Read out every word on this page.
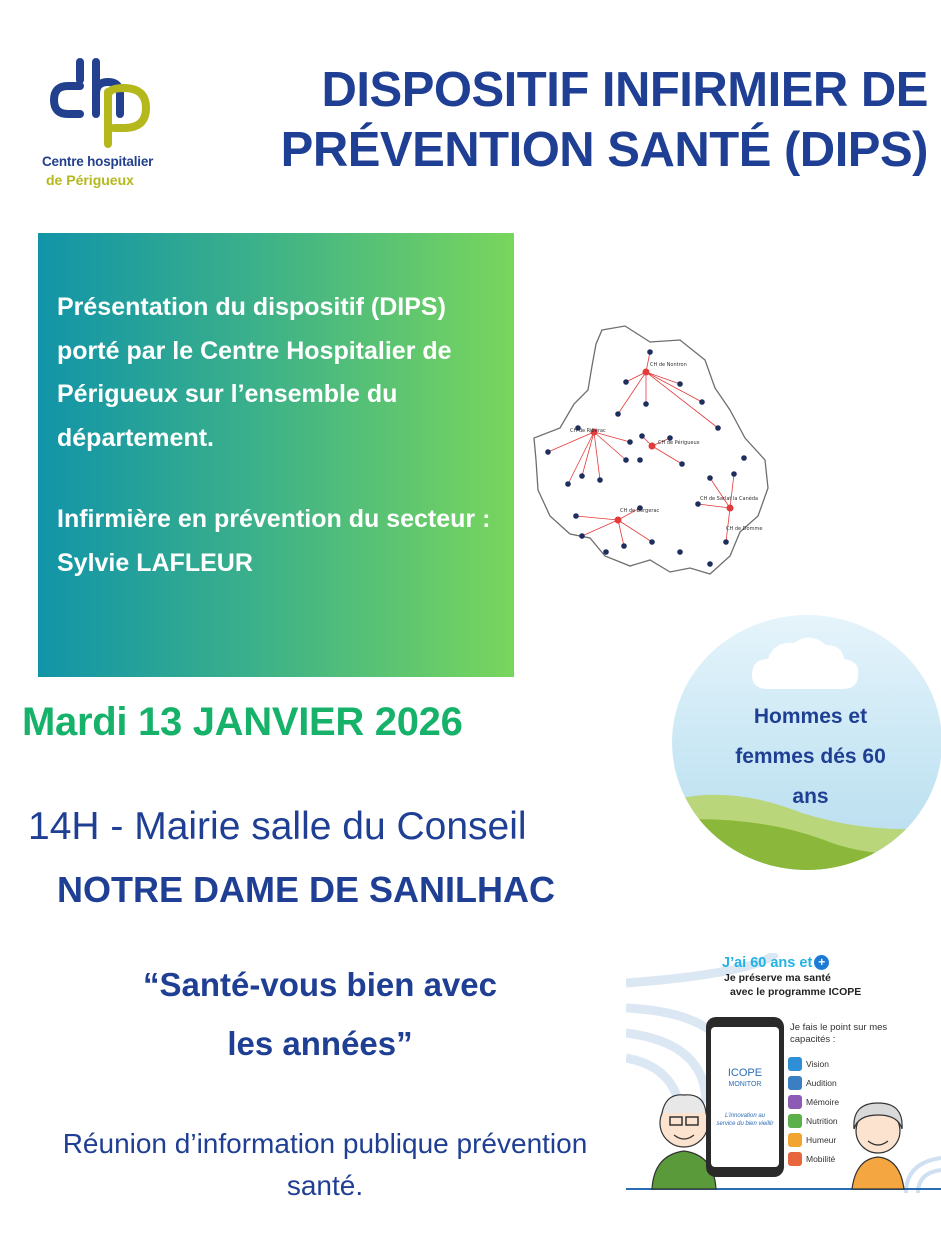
Centre hospitalier
de Périgueux
DISPOSITIF INFIRMIER DE
PRÉVENTION SANTÉ (DIPS)

Présentation du dispositif (DIPS) porté par le Centre Hospitalier de Périgueux sur l’ensemble du département.

Infirmière en prévention du secteur : Sylvie LAFLEUR

CH de Nontron
CH de Ribérac
CH de Périgueux
CH de Bergerac
CH de Sarlat la Canéda
CH de Domme
Hommes et femmes dés 60 ans
Mardi 13 JANVIER 2026
14H - Mairie salle du Conseil
NOTRE DAME DE SANILHAC
“Santé-vous bien avec les années”
Réunion d’information publique prévention santé.
J’ai 60 ans et +
Je préserve ma santé
avec le programme ICOPE
ICOPE
MONITOR
L’innovation au service du bien vieillir
Je fais le point sur mes capacités :
Vision
Audition
Mémoire
Nutrition
Humeur
Mobilité
